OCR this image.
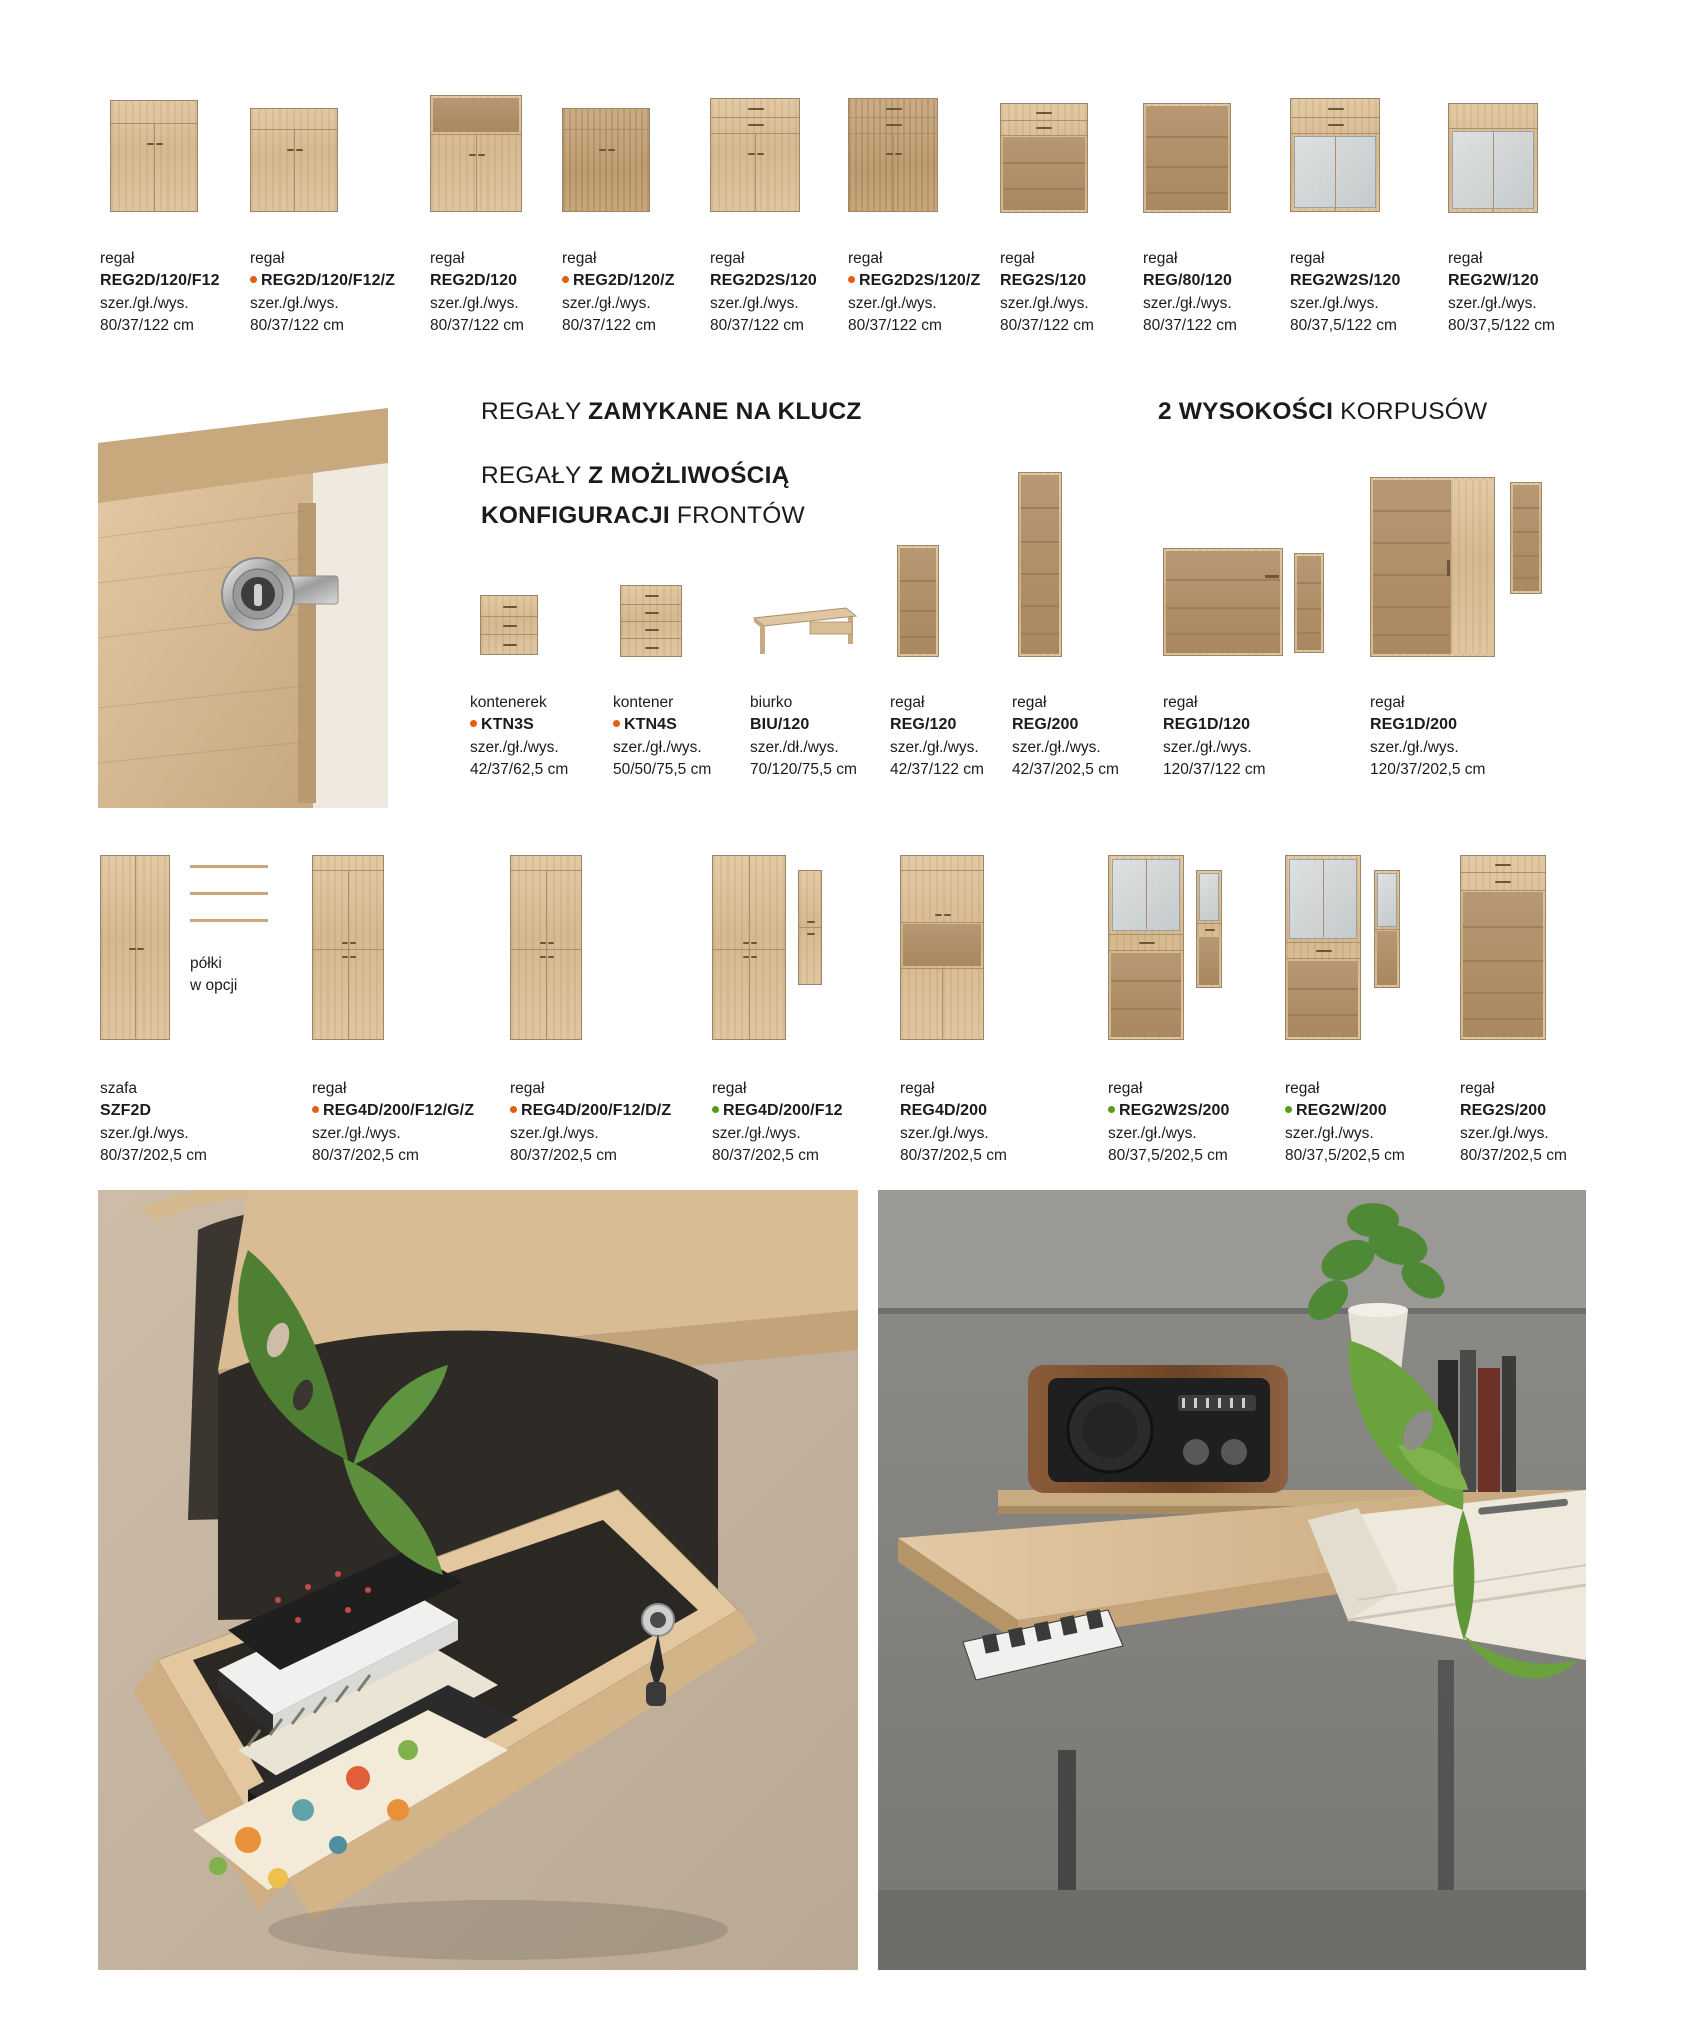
regał
REG2D/120/F12
szer./gł./wys.
80/37/122 cm
regał
REG2D/120/F12/Z
szer./gł./wys.
80/37/122 cm
regał
REG2D/120
szer./gł./wys.
80/37/122 cm
regał
REG2D/120/Z
szer./gł./wys.
80/37/122 cm
regał
REG2D2S/120
szer./gł./wys.
80/37/122 cm
regał
REG2D2S/120/Z
szer./gł./wys.
80/37/122 cm
regał
REG2S/120
szer./gł./wys.
80/37/122 cm
regał
REG/80/120
szer./gł./wys.
80/37/122 cm
regał
REG2W2S/120
szer./gł./wys.
80/37,5/122 cm
regał
REG2W/120
szer./gł./wys.
80/37,5/122 cm
REGAŁY ZAMYKANE NA KLUCZ
REGAŁY Z MOŻLIWOŚCIĄ
KONFIGURACJI FRONTÓW
2 WYSOKOŚCI KORPUSÓW
kontenerek
KTN3S
szer./gł./wys.
42/37/62,5 cm
kontener
KTN4S
szer./gł./wys.
50/50/75,5 cm
biurko
BIU/120
szer./dł./wys.
70/120/75,5 cm
regał
REG/120
szer./gł./wys.
42/37/122 cm
regał
REG/200
szer./gł./wys.
42/37/202,5 cm
regał
REG1D/120
szer./gł./wys.
120/37/122 cm
regał
REG1D/200
szer./gł./wys.
120/37/202,5 cm
półki
w opcji
szafa
SZF2D
szer./gł./wys.
80/37/202,5 cm
regał
REG4D/200/F12/G/Z
szer./gł./wys.
80/37/202,5 cm
regał
REG4D/200/F12/D/Z
szer./gł./wys.
80/37/202,5 cm
regał
REG4D/200/F12
szer./gł./wys.
80/37/202,5 cm
regał
REG4D/200
szer./gł./wys.
80/37/202,5 cm
regał
REG2W2S/200
szer./gł./wys.
80/37,5/202,5 cm
regał
REG2W/200
szer./gł./wys.
80/37,5/202,5 cm
regał
REG2S/200
szer./gł./wys.
80/37/202,5 cm
